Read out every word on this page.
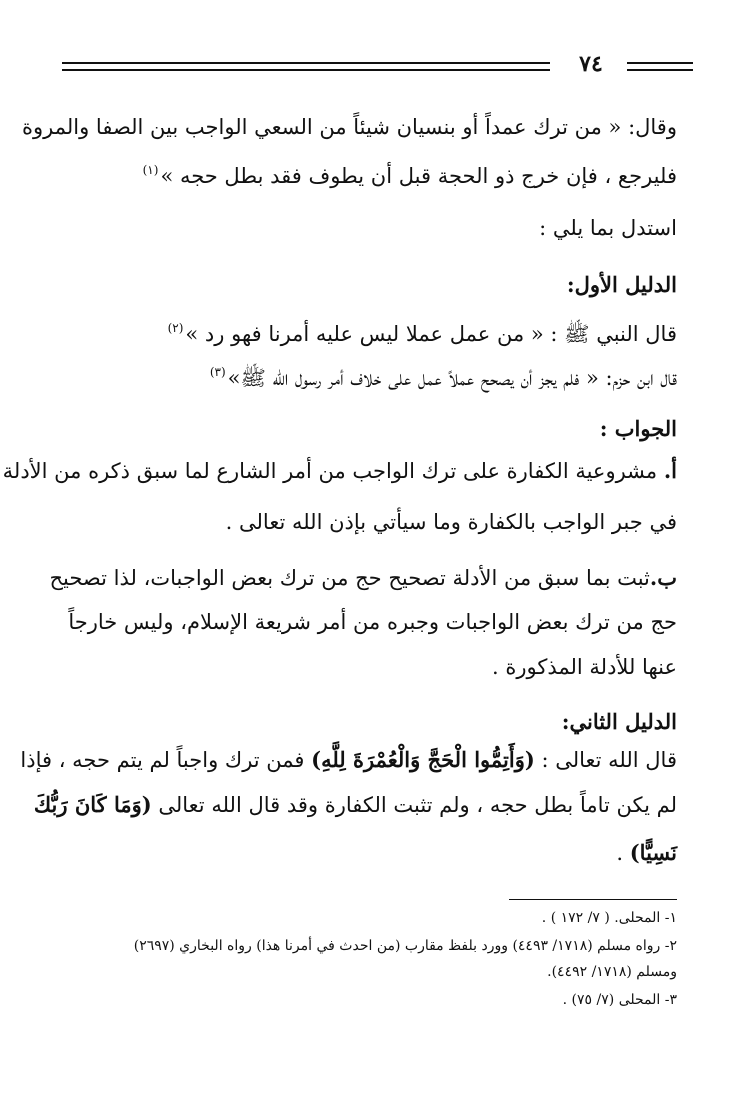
٧٤
وقال: « من ترك عمداً أو بنسيان شيئاً من السعي الواجب بين الصفا والمروة
فليرجع ، فإن خرج ذو الحجة قبل أن يطوف فقد بطل حجه »$^{(١)}$
استدل بما يلي :
الدليل الأول:
قال النبي ﷺ : « من عمل عملا ليس عليه أمرنا فهو رد »$^{(٢)}$
قال ابن حزم: « فلم يجز أن يصحح عملاً عمل على خلاف أمر رسول الله ﷺ»$^{(٣)}$
الجواب :
أ. مشروعية الكفارة على ترك الواجب من أمر الشارع لما سبق ذكره من الأدلة
في جبر الواجب بالكفارة وما سيأتي بإذن الله تعالى .
ب.ثبت بما سبق من الأدلة تصحيح حج من ترك بعض الواجبات، لذا تصحيح
حج من ترك بعض الواجبات وجبره من أمر شريعة الإسلام، وليس خارجاً
عنها للأدلة المذكورة .
الدليل الثاني:
قال الله تعالى : (وَأَتِمُّوا الْحَجَّ وَالْعُمْرَةَ لِلَّهِ) فمن ترك واجباً لم يتم حجه ، فإذا
لم يكن تاماً بطل حجه ، ولم تثبت الكفارة وقد قال الله تعالى (وَمَا كَانَ رَبُّكَ
نَسِيًّا) .
١- المحلى. ( ٧/ ١٧٢ ) .
٢- رواه مسلم (١٧١٨/ ٤٤٩٣) وورد بلفظ مقارب (من احدث في أمرنا هذا) رواه البخاري (٢٦٩٧)
ومسلم (١٧١٨/ ٤٤٩٢).
٣- المحلى (٧/ ٧٥) .
